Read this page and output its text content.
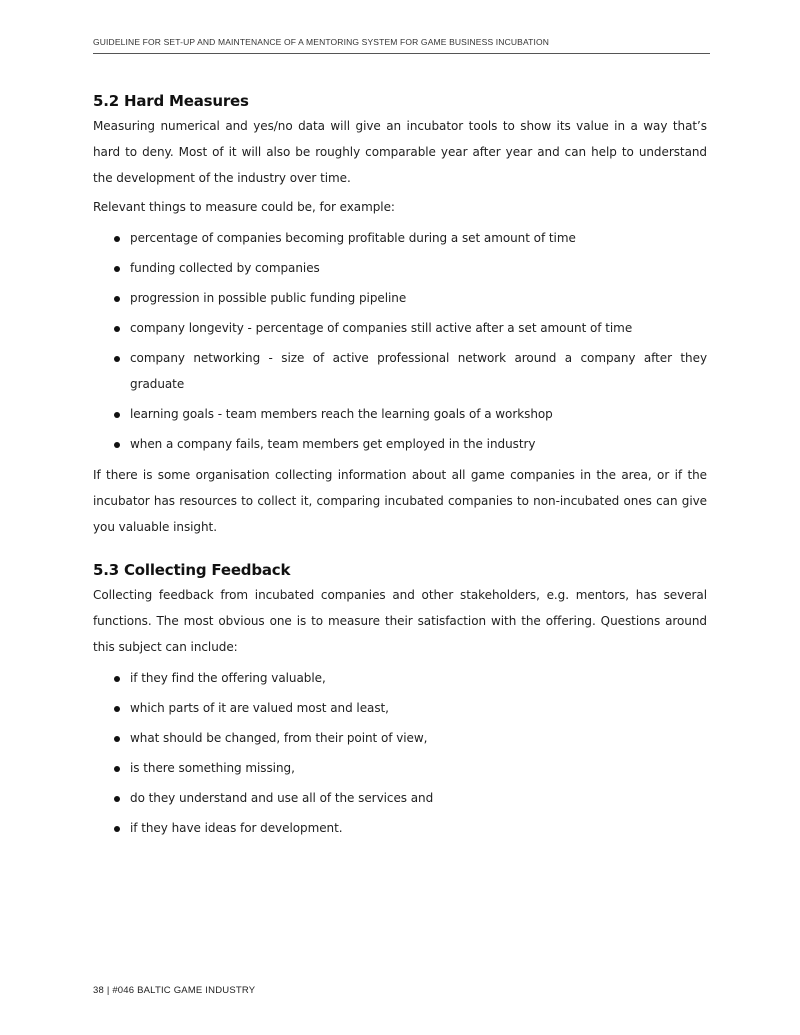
GUIDELINE FOR SET-UP AND MAINTENANCE OF A MENTORING SYSTEM FOR GAME BUSINESS INCUBATION
5.2 Hard Measures

Measuring numerical and yes/no data will give an incubator tools to show its value in a way that’s hard to deny. Most of it will also be roughly comparable year after year and can help to understand the development of the industry over time.

Relevant things to measure could be, for example:

percentage of companies becoming profitable during a set amount of time
funding collected by companies
progression in possible public funding pipeline
company longevity - percentage of companies still active after a set amount of time
company networking - size of active professional network around a company after they graduate
learning goals - team members reach the learning goals of a workshop
when a company fails, team members get employed in the industry

If there is some organisation collecting information about all game companies in the area, or if the incubator has resources to collect it, comparing incubated companies to non-incubated ones can give you valuable insight.

5.3 Collecting Feedback

Collecting feedback from incubated companies and other stakeholders, e.g. mentors, has several functions. The most obvious one is to measure their satisfaction with the offering. Questions around this subject can include:

if they find the offering valuable,
which parts of it are valued most and least,
what should be changed, from their point of view,
is there something missing,
do they understand and use all of the services and
if they have ideas for development.
38 | #046 BALTIC GAME INDUSTRY
